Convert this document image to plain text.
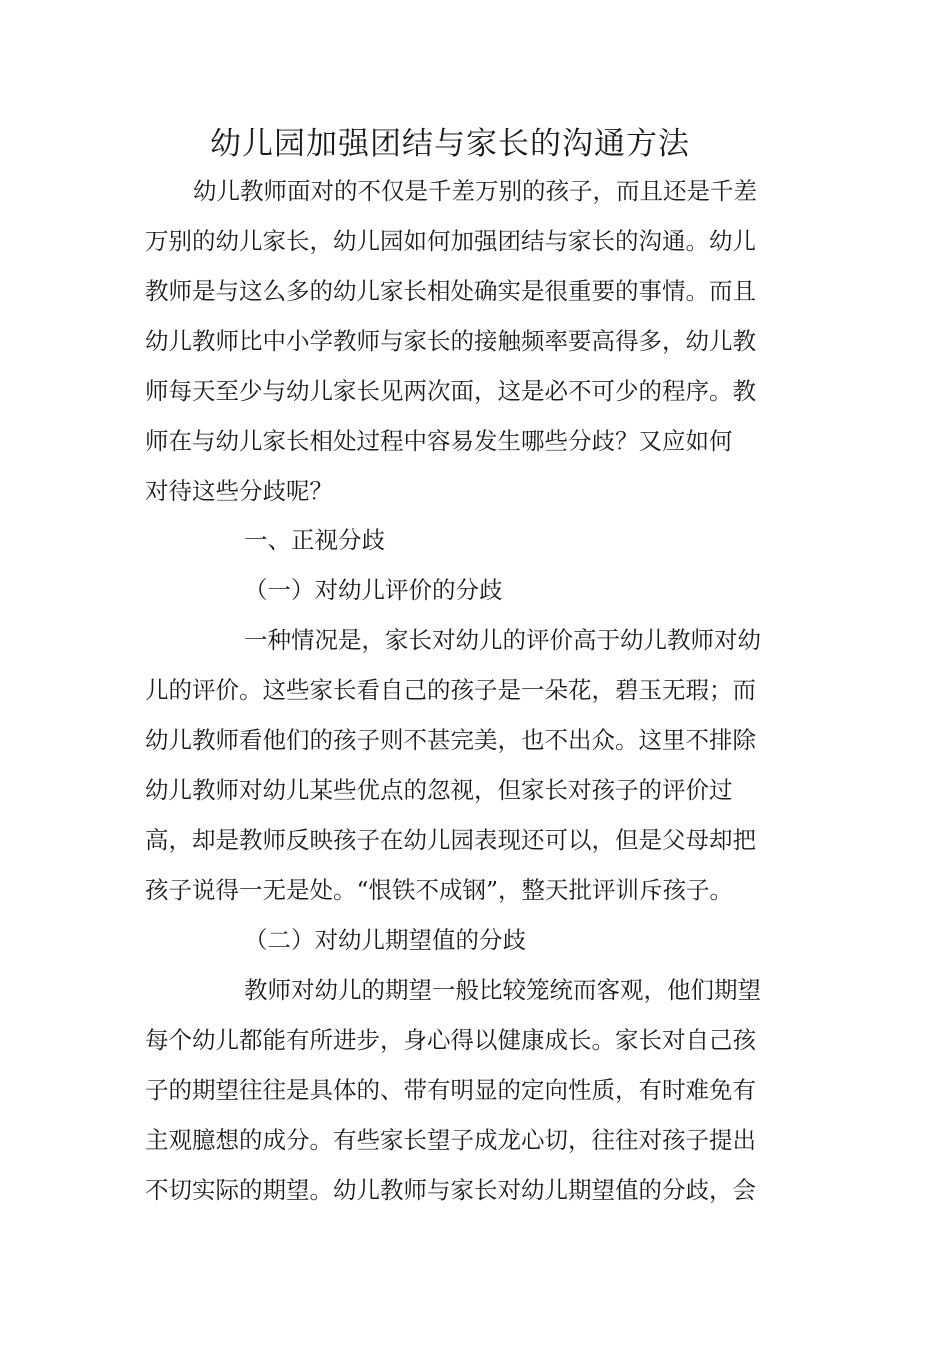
幼儿园加强团结与家长的沟通方法

幼儿教师面对的不仅是千差万别的孩子，而且还是千差

万别的幼儿家长，幼儿园如何加强团结与家长的沟通。幼儿

教师是与这么多的幼儿家长相处确实是很重要的事情。而且

幼儿教师比中小学教师与家长的接触频率要高得多，幼儿教

师每天至少与幼儿家长见两次面，这是必不可少的程序。教

师在与幼儿家长相处过程中容易发生哪些分歧？又应如何

对待这些分歧呢？

一、正视分歧

（一）对幼儿评价的分歧

一种情况是，家长对幼儿的评价高于幼儿教师对幼

儿的评价。这些家长看自己的孩子是一朵花，碧玉无瑕；而

幼儿教师看他们的孩子则不甚完美，也不出众。这里不排除

幼儿教师对幼儿某些优点的忽视，但家长对孩子的评价过

高，却是教师反映孩子在幼儿园表现还可以，但是父母却把

孩子说得一无是处。“恨铁不成钢”，整天批评训斥孩子。

（二）对幼儿期望值的分歧

教师对幼儿的期望一般比较笼统而客观，他们期望

每个幼儿都能有所进步，身心得以健康成长。家长对自己孩

子的期望往往是具体的、带有明显的定向性质，有时难免有

主观臆想的成分。有些家长望子成龙心切，往往对孩子提出

不切实际的期望。幼儿教师与家长对幼儿期望值的分歧，会
